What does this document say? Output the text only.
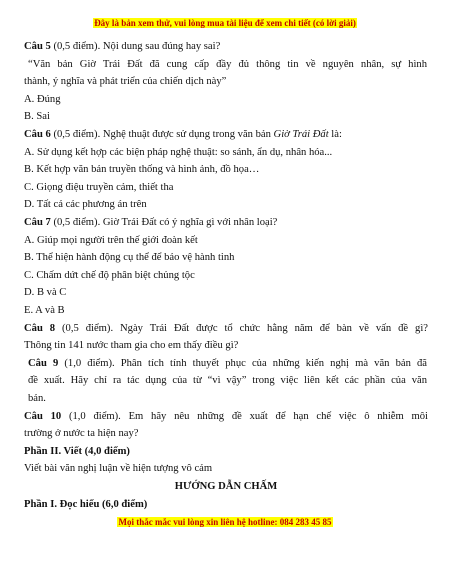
Đây là bản xem thử, vui lòng mua tài liệu để xem chi tiết (có lời giải)
Câu 5 (0,5 điểm). Nội dung sau đúng hay sai?
“Văn bản Giờ Trái Đất đã cung cấp đầy đủ thông tin về nguyên nhân, sự hình
thành, ý nghĩa và phát triển của chiến dịch này”
A. Đúng
B. Sai
Câu 6 (0,5 điểm). Nghệ thuật được sử dụng trong văn bản Giờ Trái Đất là:
A. Sử dụng kết hợp các biện pháp nghệ thuật: so sánh, ẩn dụ, nhân hóa...
B. Kết hợp văn bản truyền thống và hình ảnh, đồ họa…
C. Giọng điệu truyền cảm, thiết tha
D. Tất cả các phương án trên
Câu 7 (0,5 điểm). Giờ Trái Đất có ý nghĩa gì với nhân loại?
A. Giúp mọi người trên thế giới đoàn kết
B. Thể hiện hành động cụ thể để bảo vệ hành tinh
C. Chấm dứt chế độ phân biệt chủng tộc
D. B và C
E. A và B
Câu 8 (0,5 điểm). Ngày Trái Đất được tổ chức hằng năm để bàn về vấn đề gì?
Thông tin 141 nước tham gia cho em thấy điều gì?
Câu 9 (1,0 điểm). Phân tích tính thuyết phục của những kiến nghị mà văn bản đã
đề xuất. Hãy chỉ ra tác dụng của từ “vì vậy” trong việc liên kết các phần của văn
bản.
Mọi thắc mắc vui lòng xin liên hệ hotline: 084 283 45 85
Câu 10 (1,0 điểm). Em hãy nêu những đề xuất để hạn chế việc ô nhiễm môi
trường ở nước ta hiện nay?
Phần II. Viết (4,0 điểm)
Viết bài văn nghị luận về hiện tượng vô cảm
HƯỚNG DẪN CHẤM
Phần I. Đọc hiểu (6,0 điểm)
